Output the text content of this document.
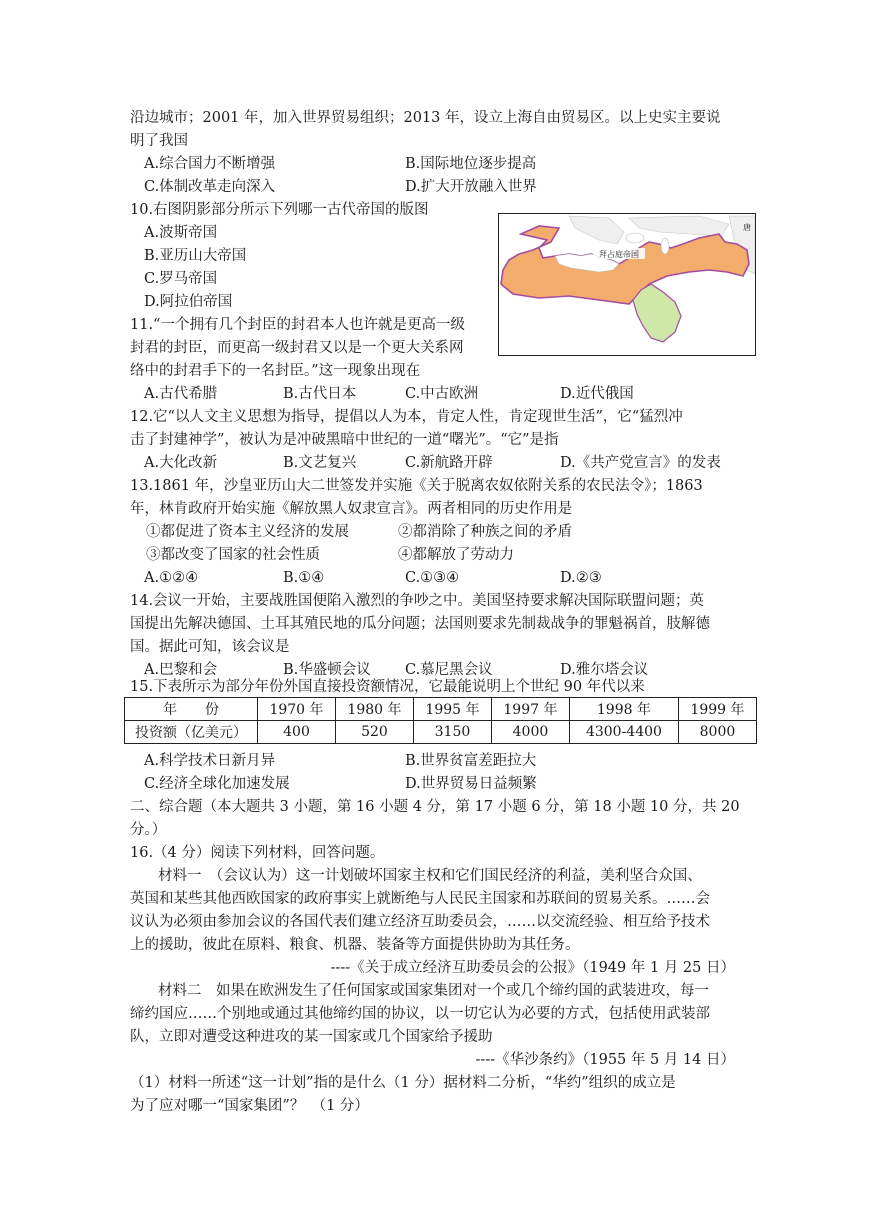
沿边城市；2001 年，加入世界贸易组织；2013 年，设立上海自由贸易区。以上史实主要说
明了我国
A.综合国力不断增强	B.国际地位逐步提高
C.体制改革走向深入	D.扩大开放融入世界
10.右图阴影部分所示下列哪一古代帝国的版图
A.波斯帝国
B.亚历山大帝国
C.罗马帝国
D.阿拉伯帝国
拜占庭帝国
唐
11.“一个拥有几个封臣的封君本人也许就是更高一级
封君的封臣，而更高一级封君又以是一个更大关系网
络中的封君手下的一名封臣。”这一现象出现在
A.古代希腊	B.古代日本	C.中古欧洲	D.近代俄国
12.它“以人文主义思想为指导，提倡以人为本，肯定人性，肯定现世生活”，它“猛烈冲
击了封建神学”，被认为是冲破黑暗中世纪的一道“曙光”。“它”是指
A.大化改新	B.文艺复兴	C.新航路开辟	D.《共产党宣言》的发表
13.1861 年，沙皇亚历山大二世签发并实施《关于脱离农奴依附关系的农民法令》；1863
年，林肯政府开始实施《解放黑人奴隶宣言》。两者相同的历史作用是
①都促进了资本主义经济的发展	②都消除了种族之间的矛盾
③都改变了国家的社会性质	④都解放了劳动力
A.①②④	B.①④	C.①③④	D.②③
14.会议一开始，主要战胜国便陷入激烈的争吵之中。美国坚持要求解决国际联盟问题；英
国提出先解决德国、土耳其殖民地的瓜分问题；法国则要求先制裁战争的罪魁祸首，肢解德
国。据此可知，该会议是
A.巴黎和会	B.华盛顿会议 C.慕尼黑会议	D.雅尔塔会议
15.下表所示为部分年份外国直接投资额情况，它最能说明上个世纪 90 年代以来
年　　份	1970 年	1980 年	1995 年	1997 年	1998 年	1999 年
投资额（亿美元）	400	520	3150	4000	4300-4400	8000
A.科学技术日新月异	B.世界贫富差距拉大
C.经济全球化加速发展	D.世界贸易日益频繁
二、综合题（本大题共 3 小题，第 16 小题 4 分，第 17 小题 6 分，第 18 小题 10 分，共 20
分。）
16.（4 分）阅读下列材料，回答问题。
材料一　（会议认为）这一计划破坏国家主权和它们国民经济的利益，美利坚合众国、
英国和某些其他西欧国家的政府事实上就断绝与人民民主国家和苏联间的贸易关系。……会
议认为必须由参加会议的各国代表们建立经济互助委员会，……以交流经验、相互给予技术
上的援助，彼此在原料、粮食、机器、装备等方面提供协助为其任务。
----《关于成立经济互助委员会的公报》（1949 年 1 月 25 日）
材料二　如果在欧洲发生了任何国家或国家集团对一个或几个缔约国的武装进攻，每一
缔约国应……个别地或通过其他缔约国的协议，以一切它认为必要的方式，包括使用武装部
队，立即对遭受这种进攻的某一国家或几个国家给予援助
----《华沙条约》（1955 年 5 月 14 日）
（1）材料一所述“这一计划”指的是什么（1 分）据材料二分析，“华约”组织的成立是
为了应对哪一“国家集团”？　（1 分）
